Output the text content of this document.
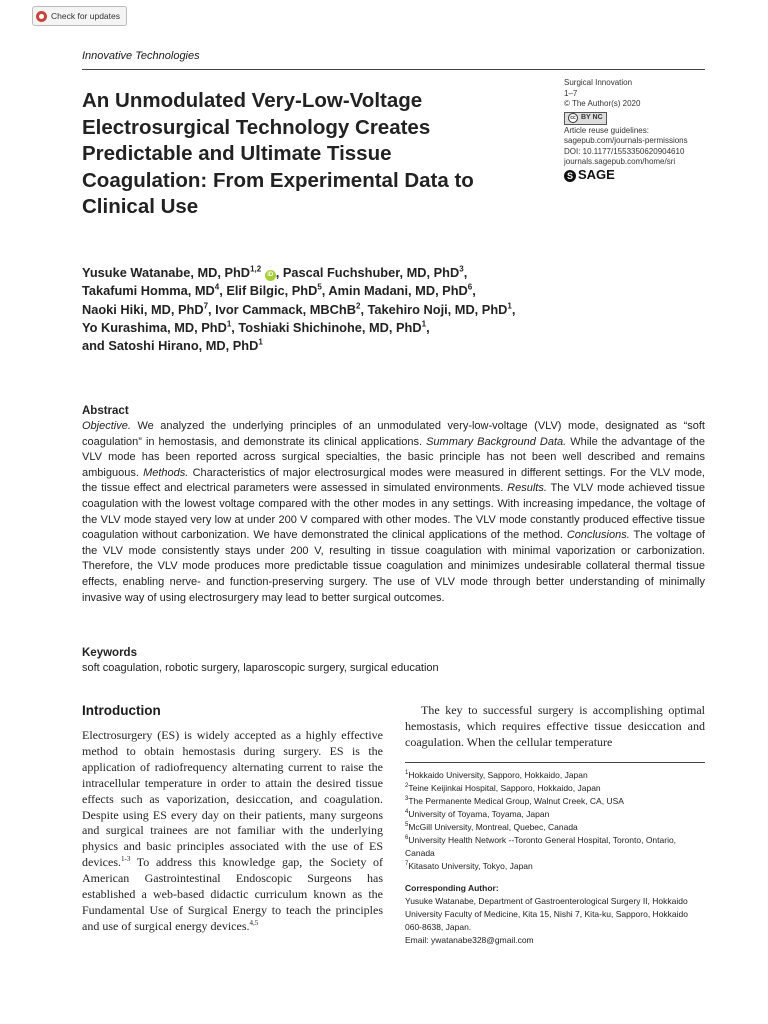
Check for updates
Innovative Technologies
An Unmodulated Very-Low-Voltage Electrosurgical Technology Creates Predictable and Ultimate Tissue Coagulation: From Experimental Data to Clinical Use
Surgical Innovation
1–7
© The Author(s) 2020
cc BY NC
Article reuse guidelines:
sagepub.com/journals-permissions
DOI: 10.1177/1553350620904610
journals.sagepub.com/home/sri
S SAGE
Yusuke Watanabe, MD, PhD$^{1,2}$ iD , Pascal Fuchshuber, MD, PhD$^3$,
Takafumi Homma, $MD^4$, Elif Bilgic, PhD$^5$, Amin Madani, MD, PhD$^6$,
Naoki Hiki, MD, PhD$^7$, Ivor Cammack, MBChB$^2$, Takehiro Noji, MD, PhD$^1$,
Yo Kurashima, MD, PhD$^1$, Toshiaki Shichinohe, MD, PhD$^1$,
and Satoshi Hirano, MD, PhD$^1$
Abstract

Objective. We analyzed the underlying principles of an unmodulated very-low-voltage (VLV) mode, designated as “soft coagulation” in hemostasis, and demonstrate its clinical applications. Summary Background Data. While the advantage of the VLV mode has been reported across surgical specialties, the basic principle has not been well described and remains ambiguous. Methods. Characteristics of major electrosurgical modes were measured in different settings. For the VLV mode, the tissue effect and electrical parameters were assessed in simulated environments. Results. The VLV mode achieved tissue coagulation with the lowest voltage compared with the other modes in any settings. With increasing impedance, the voltage of the VLV mode stayed very low at under 200 V compared with other modes. The VLV mode constantly produced effective tissue coagulation without carbonization. We have demonstrated the clinical applications of the method. Conclusions. The voltage of the VLV mode consistently stays under 200 V, resulting in tissue coagulation with minimal vaporization or carbonization. Therefore, the VLV mode produces more predictable tissue coagulation and minimizes undesirable collateral thermal tissue effects, enabling nerve- and function-preserving surgery. The use of VLV mode through better understanding of minimally invasive way of using electrosurgery may lead to better surgical outcomes.

Keywords

soft coagulation, robotic surgery, laparoscopic surgery, surgical education

Introduction

Electrosurgery (ES) is widely accepted as a highly effective method to obtain hemostasis during surgery. ES is the application of radiofrequency alternating current to raise the intracellular temperature in order to attain the desired tissue effects such as vaporization, desiccation, and coagulation. Despite using ES every day on their patients, many surgeons and surgical trainees are not familiar with the underlying physics and basic principles associated with the use of ES devices.$^{1-3}$ To address this knowledge gap, the Society of American Gastrointestinal Endoscopic Surgeons has established a web-based didactic curriculum known as the Fundamental Use of Surgical Energy to teach the principles and use of surgical energy devices.$^{4,5}$

The key to successful surgery is accomplishing optimal hemostasis, which requires effective tissue desiccation and coagulation. When the cellular temperature

$^1$Hokkaido University, Sapporo, Hokkaido, Japan
$^2$Teine Keijinkai Hospital, Sapporo, Hokkaido, Japan
$^3$The Permanente Medical Group, Walnut Creek, CA, USA
$^4$University of Toyama, Toyama, Japan
$^5$McGill University, Montreal, Quebec, Canada
$^6$University Health Network --Toronto General Hospital, Toronto, Ontario, Canada
$^7$Kitasato University, Tokyo, Japan
Corresponding Author:
Yusuke Watanabe, Department of Gastroenterological Surgery II, Hokkaido University Faculty of Medicine, Kita 15, Nishi 7, Kita-ku, Sapporo, Hokkaido 060-8638, Japan.
Email: ywatanabe328@gmail.com
